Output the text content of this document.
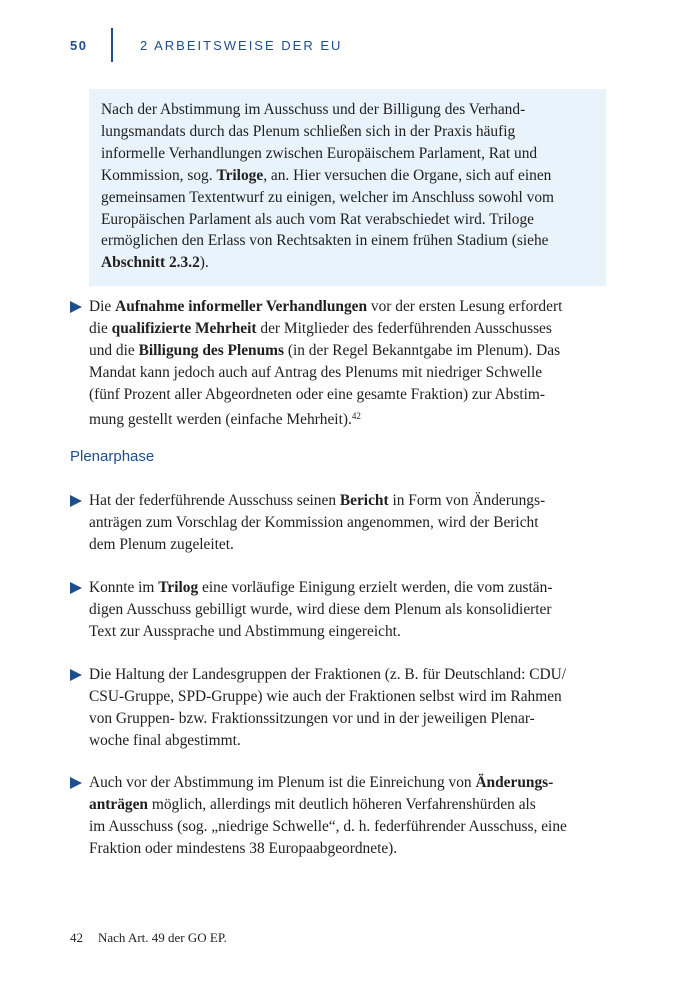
50	2 ARBEITSWEISE DER EU

Nach der Abstimmung im Ausschuss und der Billigung des Verhand-
lungsmandats durch das Plenum schließen sich in der Praxis häufig
informelle Verhandlungen zwischen Europäischem Parlament, Rat und
Kommission, sog. Triloge, an. Hier versuchen die Organe, sich auf einen
gemeinsamen Textentwurf zu einigen, welcher im Anschluss sowohl vom
Europäischen Parlament als auch vom Rat verabschiedet wird. Triloge
ermöglichen den Erlass von Rechtsakten in einem frühen Stadium (siehe
Abschnitt 2.3.2).

Die Aufnahme informeller Verhandlungen vor der ersten Lesung erfordert
die qualifizierte Mehrheit der Mitglieder des federführenden Ausschusses
und die Billigung des Plenums (in der Regel Bekanntgabe im Plenum). Das
Mandat kann jedoch auch auf Antrag des Plenums mit niedriger Schwelle
(fünf Prozent aller Abgeordneten oder eine gesamte Fraktion) zur Abstim-
mung gestellt werden (einfache Mehrheit).$^{42}$
Plenarphase
Hat der federführende Ausschuss seinen Bericht in Form von Änderungs-
anträgen zum Vorschlag der Kommission angenommen, wird der Bericht
dem Plenum zugeleitet.
Konnte im Trilog eine vorläufige Einigung erzielt werden, die vom zustän-
digen Ausschuss gebilligt wurde, wird diese dem Plenum als konsolidierter
Text zur Aussprache und Abstimmung eingereicht.
Die Haltung der Landesgruppen der Fraktionen (z. B. für Deutschland: CDU/
CSU-Gruppe, SPD-Gruppe) wie auch der Fraktionen selbst wird im Rahmen
von Gruppen- bzw. Fraktionssitzungen vor und in der jeweiligen Plenar-
woche final abgestimmt.
Auch vor der Abstimmung im Plenum ist die Einreichung von Änderungs-
anträgen möglich, allerdings mit deutlich höheren Verfahrenshürden als
im Ausschuss (sog. „niedrige Schwelle“, d. h. federführender Ausschuss, eine
Fraktion oder mindestens 38 Europaabgeordnete).
42 Nach Art. 49 der GO EP.
